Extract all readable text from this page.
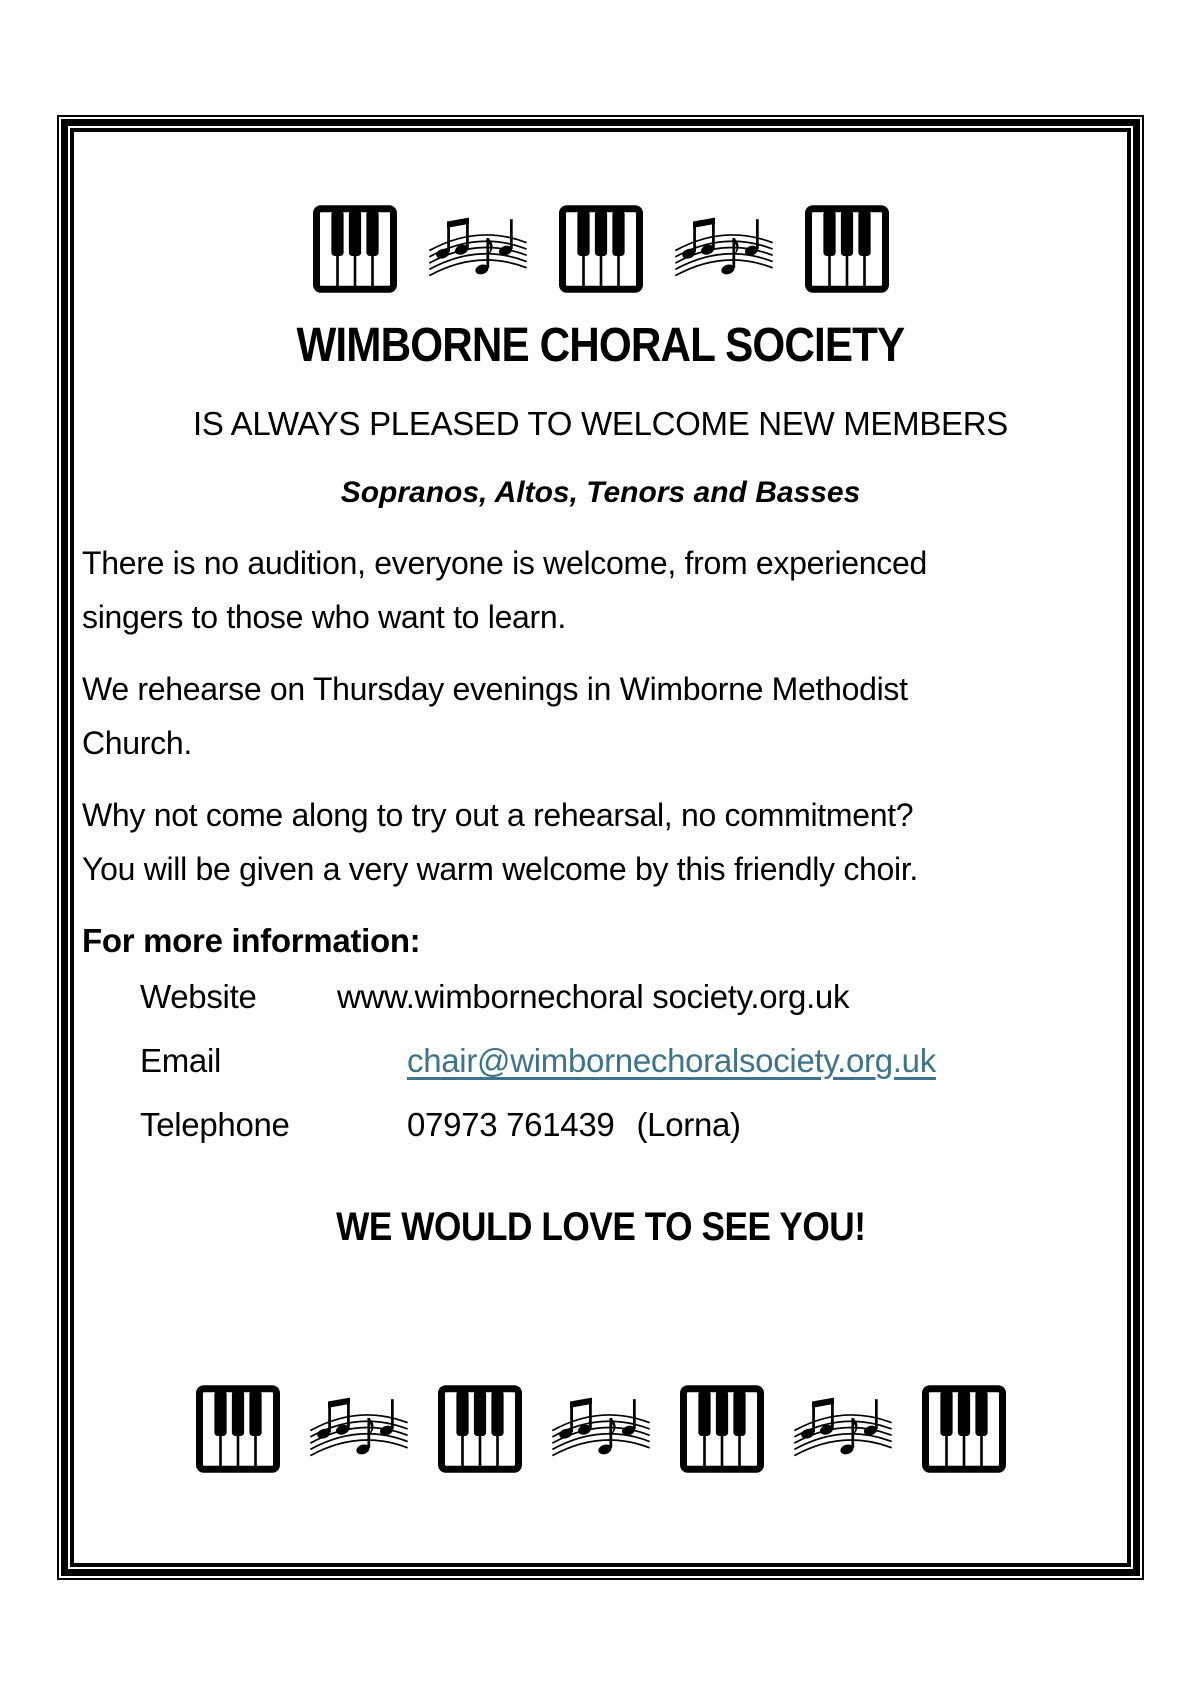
WIMBORNE CHORAL SOCIETY
IS ALWAYS PLEASED TO WELCOME NEW MEMBERS
Sopranos, Altos, Tenors and Basses

There is no audition, everyone is welcome, from experienced
singers to those who want to learn.

We rehearse on Thursday evenings in Wimborne Methodist
Church.

Why not come along to try out a rehearsal, no commitment?
You will be given a very warm welcome by this friendly choir.

For more information:
Website	www.wimbornechoral society.org.uk
Email	chair@wimbornechoralsociety.org.uk
Telephone	07973 761439 (Lorna)
WE WOULD LOVE TO SEE YOU!
